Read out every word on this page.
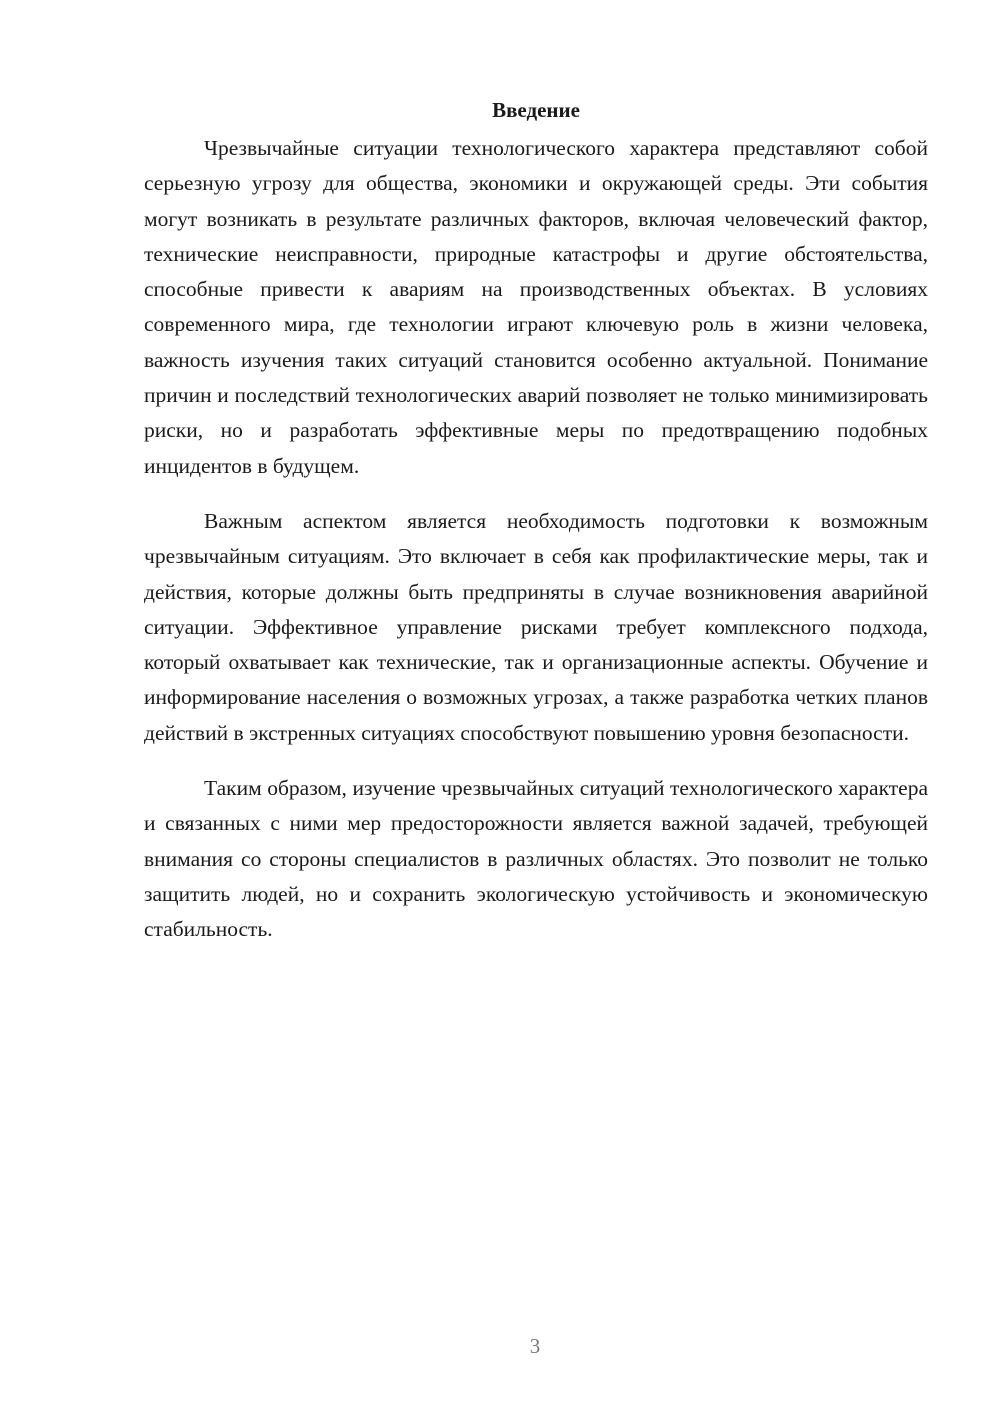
Введение

Чрезвычайные ситуации технологического характера представляют собой серьезную угрозу для общества, экономики и окружающей среды. Эти события могут возникать в результате различных факторов, включая человеческий фактор, технические неисправности, природные катастрофы и другие обстоятельства, способные привести к авариям на производственных объектах. В условиях современного мира, где технологии играют ключевую роль в жизни человека, важность изучения таких ситуаций становится особенно актуальной. Понимание причин и последствий технологических аварий позволяет не только минимизировать риски, но и разработать эффективные меры по предотвращению подобных инцидентов в будущем.

Важным аспектом является необходимость подготовки к возможным чрезвычайным ситуациям. Это включает в себя как профилактические меры, так и действия, которые должны быть предприняты в случае возникновения аварийной ситуации. Эффективное управление рисками требует комплексного подхода, который охватывает как технические, так и организационные аспекты. Обучение и информирование населения о возможных угрозах, а также разработка четких планов действий в экстренных ситуациях способствуют повышению уровня безопасности.

Таким образом, изучение чрезвычайных ситуаций технологического характера и связанных с ними мер предосторожности является важной задачей, требующей внимания со стороны специалистов в различных областях. Это позволит не только защитить людей, но и сохранить экологическую устойчивость и экономическую стабильность.

3
